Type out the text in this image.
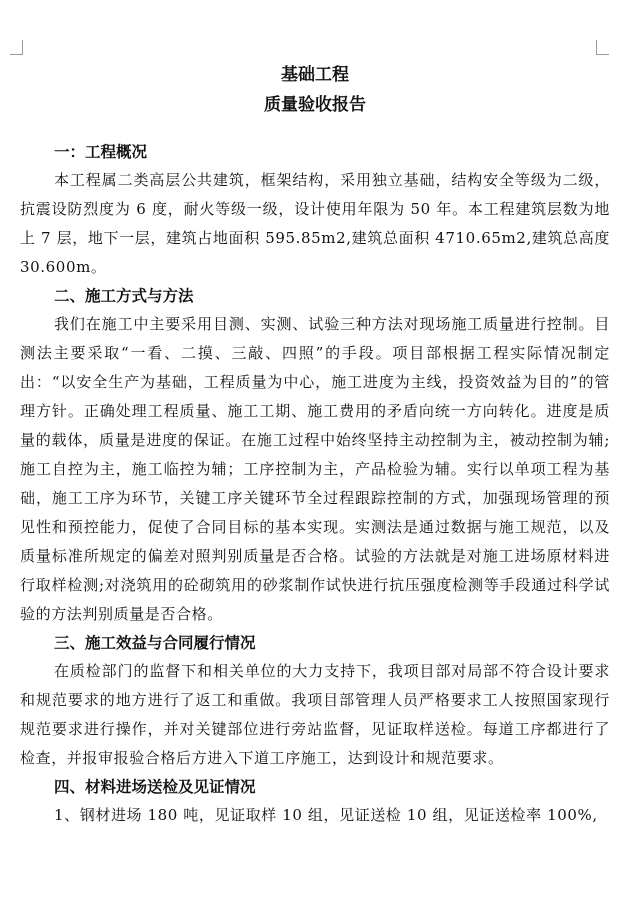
基础工程

质量验收报告

一：工程概况

本工程属二类高层公共建筑，框架结构，采用独立基础，结构安全等级为二级，抗震设防烈度为 6 度，耐火等级一级，设计使用年限为 50 年。本工程建筑层数为地上 7 层，地下一层，建筑占地面积 595.85m2,建筑总面积 4710.65m2,建筑总高度 30.600m。

二、施工方式与方法

我们在施工中主要采用目测、实测、试验三种方法对现场施工质量进行控制。目测法主要采取“一看、二摸、三敲、四照”的手段。项目部根据工程实际情况制定出：“以安全生产为基础，工程质量为中心，施工进度为主线，投资效益为目的”的管理方针。正确处理工程质量、施工工期、施工费用的矛盾向统一方向转化。进度是质量的载体，质量是进度的保证。在施工过程中始终坚持主动控制为主，被动控制为辅;施工自控为主，施工临控为辅；工序控制为主，产品检验为辅。实行以单项工程为基础，施工工序为环节，关键工序关键环节全过程跟踪控制的方式，加强现场管理的预见性和预控能力，促使了合同目标的基本实现。实测法是通过数据与施工规范，以及质量标准所规定的偏差对照判别质量是否合格。试验的方法就是对施工进场原材料进行取样检测;对浇筑用的砼砌筑用的砂浆制作试快进行抗压强度检测等手段通过科学试验的方法判别质量是否合格。

三、施工效益与合同履行情况

在质检部门的监督下和相关单位的大力支持下，我项目部对局部不符合设计要求和规范要求的地方进行了返工和重做。我项目部管理人员严格要求工人按照国家现行规范要求进行操作，并对关键部位进行旁站监督，见证取样送检。每道工序都进行了检查，并报审报验合格后方进入下道工序施工，达到设计和规范要求。

四、材料进场送检及见证情况

1、钢材进场 180 吨，见证取样 10 组，见证送检 10 组，见证送检率 100%,
